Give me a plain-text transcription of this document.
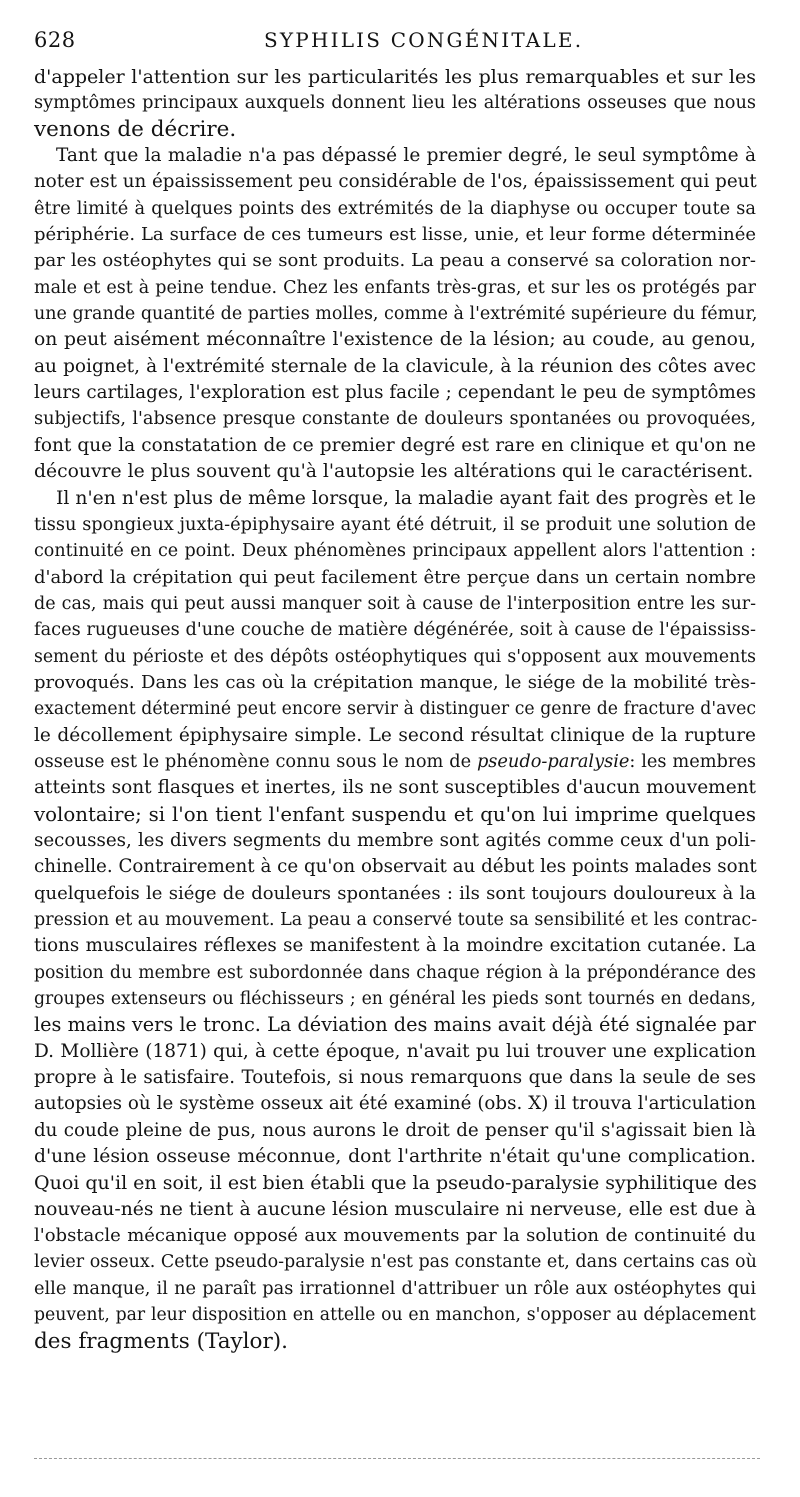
628	SYPHILIS CONGÉNITALE.
d'appeler l'attention sur les particularités les plus remarquables et sur les
symptômes principaux auxquels donnent lieu les altérations osseuses que nous
venons de décrire.
Tant que la maladie n'a pas dépassé le premier degré, le seul symptôme à
noter est un épaississement peu considérable de l'os, épaississement qui peut
être limité à quelques points des extrémités de la diaphyse ou occuper toute sa
périphérie. La surface de ces tumeurs est lisse, unie, et leur forme déterminée
par les ostéophytes qui se sont produits. La peau a conservé sa coloration nor-
male et est à peine tendue. Chez les enfants très-gras, et sur les os protégés par
une grande quantité de parties molles, comme à l'extrémité supérieure du fémur,
on peut aisément méconnaître l'existence de la lésion; au coude, au genou,
au poignet, à l'extrémité sternale de la clavicule, à la réunion des côtes avec
leurs cartilages, l'exploration est plus facile ; cependant le peu de symptômes
subjectifs, l'absence presque constante de douleurs spontanées ou provoquées,
font que la constatation de ce premier degré est rare en clinique et qu'on ne
découvre le plus souvent qu'à l'autopsie les altérations qui le caractérisent.
Il n'en n'est plus de même lorsque, la maladie ayant fait des progrès et le
tissu spongieux juxta-épiphysaire ayant été détruit, il se produit une solution de
continuité en ce point. Deux phénomènes principaux appellent alors l'attention :
d'abord la crépitation qui peut facilement être perçue dans un certain nombre
de cas, mais qui peut aussi manquer soit à cause de l'interposition entre les sur-
faces rugueuses d'une couche de matière dégénérée, soit à cause de l'épaississ-
sement du périoste et des dépôts ostéophytiques qui s'opposent aux mouvements
provoqués. Dans les cas où la crépitation manque, le siége de la mobilité très-
exactement déterminé peut encore servir à distinguer ce genre de fracture d'avec
le décollement épiphysaire simple. Le second résultat clinique de la rupture
osseuse est le phénomène connu sous le nom de pseudo-paralysie: les membres
atteints sont flasques et inertes, ils ne sont susceptibles d'aucun mouvement
volontaire; si l'on tient l'enfant suspendu et qu'on lui imprime quelques
secousses, les divers segments du membre sont agités comme ceux d'un poli-
chinelle. Contrairement à ce qu'on observait au début les points malades sont
quelquefois le siége de douleurs spontanées : ils sont toujours douloureux à la
pression et au mouvement. La peau a conservé toute sa sensibilité et les contrac-
tions musculaires réflexes se manifestent à la moindre excitation cutanée. La
position du membre est subordonnée dans chaque région à la prépondérance des
groupes extenseurs ou fléchisseurs ; en général les pieds sont tournés en dedans,
les mains vers le tronc. La déviation des mains avait déjà été signalée par
D. Mollière (1871) qui, à cette époque, n'avait pu lui trouver une explication
propre à le satisfaire. Toutefois, si nous remarquons que dans la seule de ses
autopsies où le système osseux ait été examiné (obs. X) il trouva l'articulation
du coude pleine de pus, nous aurons le droit de penser qu'il s'agissait bien là
d'une lésion osseuse méconnue, dont l'arthrite n'était qu'une complication.
Quoi qu'il en soit, il est bien établi que la pseudo-paralysie syphilitique des
nouveau-nés ne tient à aucune lésion musculaire ni nerveuse, elle est due à
l'obstacle mécanique opposé aux mouvements par la solution de continuité du
levier osseux. Cette pseudo-paralysie n'est pas constante et, dans certains cas où
elle manque, il ne paraît pas irrationnel d'attribuer un rôle aux ostéophytes qui
peuvent, par leur disposition en attelle ou en manchon, s'opposer au déplacement
des fragments (Taylor).
